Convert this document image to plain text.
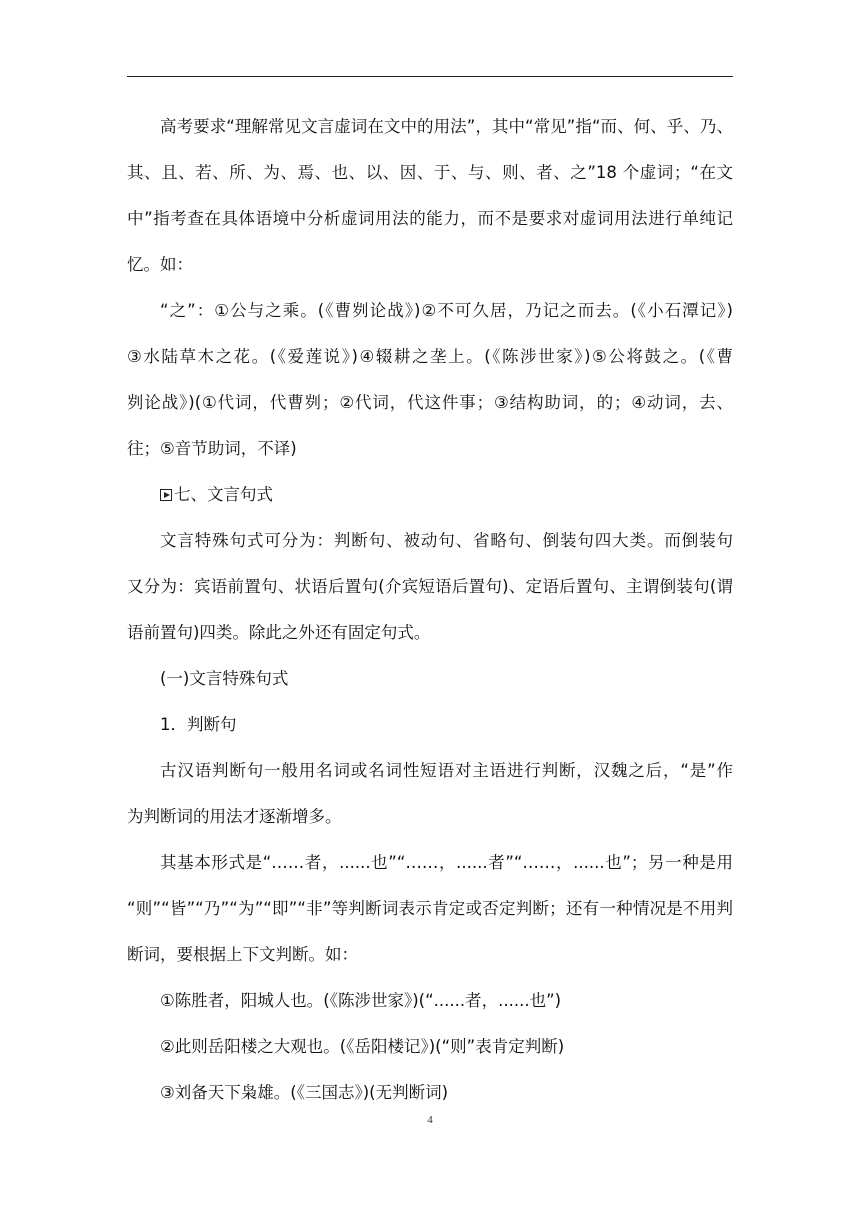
高考要求“理解常见文言虚词在文中的用法”，其中“常见”指“而、何、乎、乃、

其、且、若、所、为、焉、也、以、因、于、与、则、者、之”18 个虚词；“在文

中”指考查在具体语境中分析虚词用法的能力，而不是要求对虚词用法进行单纯记

忆。如：

“之”：①公与之乘。(《曹刿论战》)②不可久居，乃记之而去。(《小石潭记》)

③水陆草木之花。(《爱莲说》)④辍耕之垄上。(《陈涉世家》)⑤公将鼓之。(《曹

刿论战》)(①代词，代曹刿；②代词，代这件事；③结构助词，的；④动词，去、

往；⑤音节助词，不译)

七、文言句式

文言特殊句式可分为：判断句、被动句、省略句、倒装句四大类。而倒装句

又分为：宾语前置句、状语后置句(介宾短语后置句)、定语后置句、主谓倒装句(谓

语前置句)四类。除此之外还有固定句式。

(一)文言特殊句式

1．判断句

古汉语判断句一般用名词或名词性短语对主语进行判断，汉魏之后，“是”作

为判断词的用法才逐渐增多。

其基本形式是“……者，......也”“……，......者”“……，......也”；另一种是用

“则”“皆”“乃”“为”“即”“非”等判断词表示肯定或否定判断；还有一种情况是不用判

断词，要根据上下文判断。如：

①陈胜者，阳城人也。(《陈涉世家》)(“......者，......也”)

②此则岳阳楼之大观也。(《岳阳楼记》)(“则”表肯定判断)

③刘备天下枭雄。(《三国志》)(无判断词)

4
